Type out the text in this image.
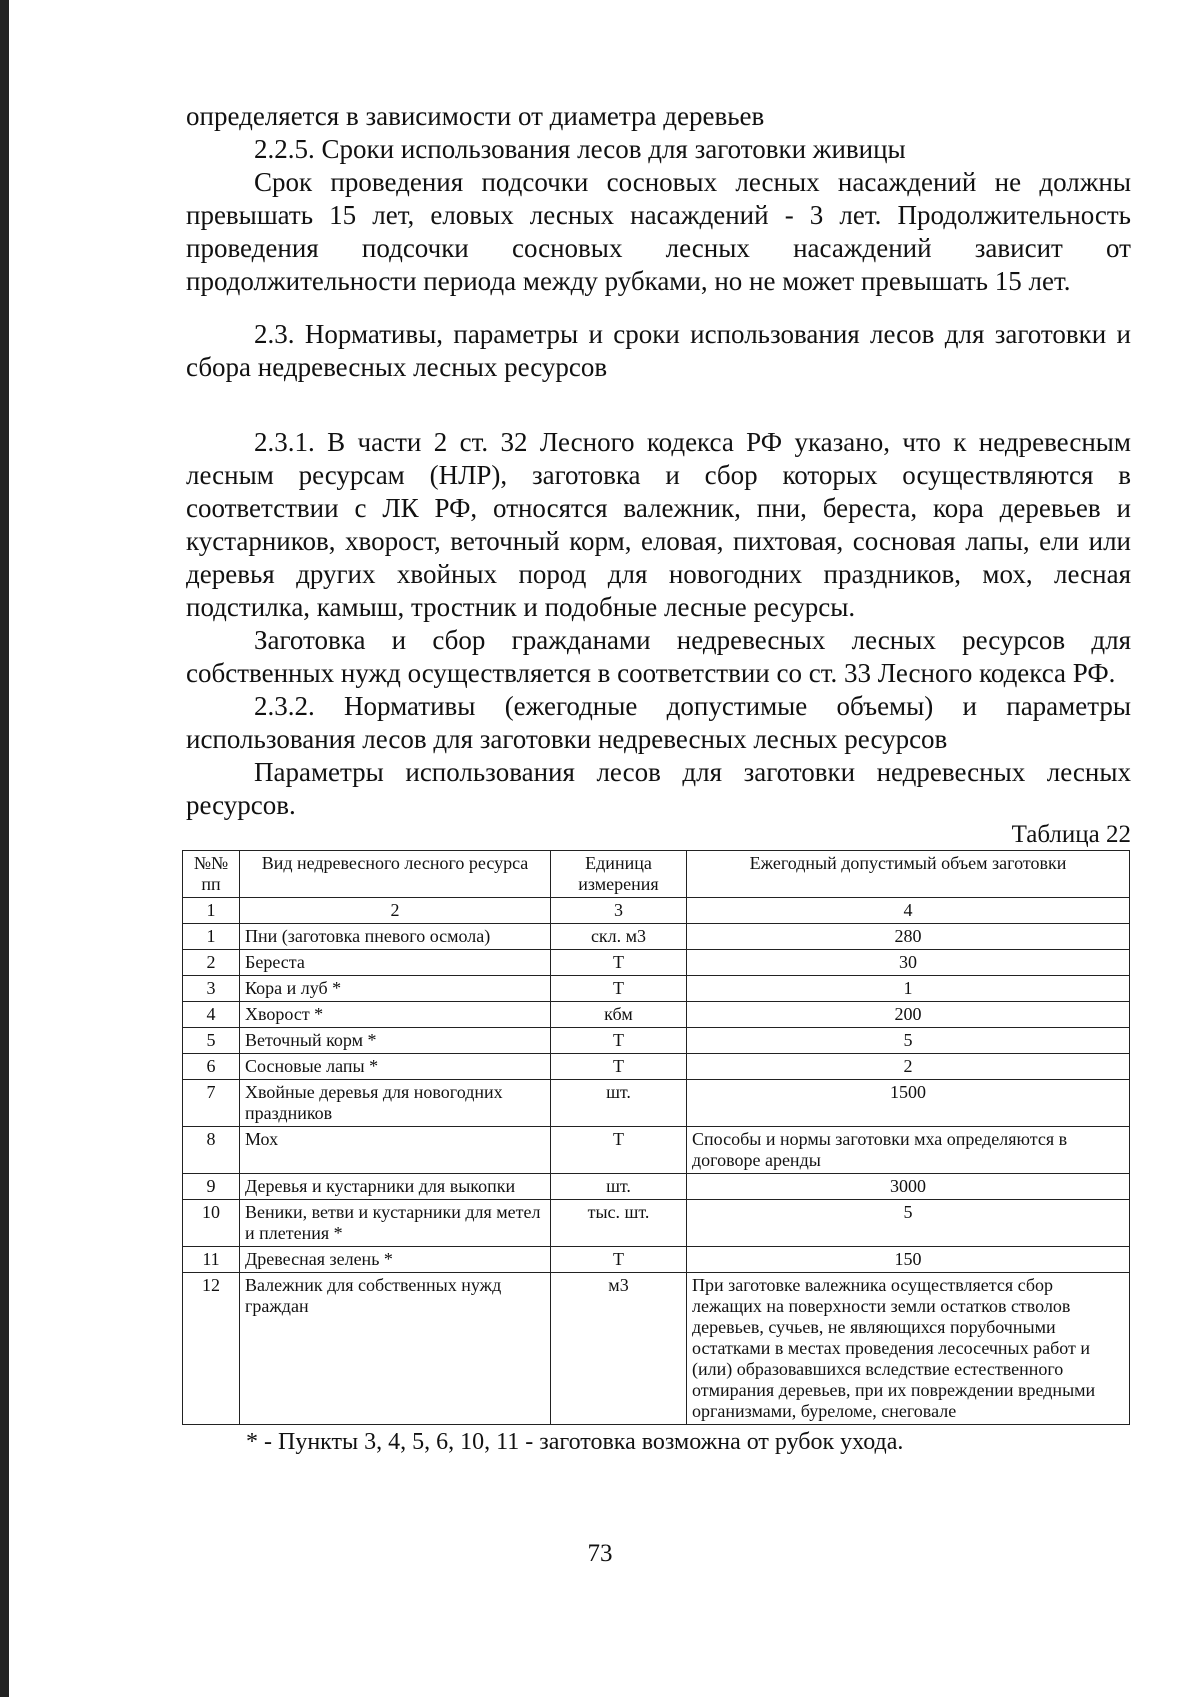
определяется в зависимости от диаметра деревьев

2.2.5. Сроки использования лесов для заготовки живицы

Срок проведения подсочки сосновых лесных насаждений не должны превышать 15 лет, еловых лесных насаждений - 3 лет. Продолжительность проведения подсочки сосновых лесных насаждений зависит от продолжительности периода между рубками, но не может превышать 15 лет.

2.3. Нормативы, параметры и сроки использования лесов для заготовки и сбора недревесных лесных ресурсов

2.3.1. В части 2 ст. 32 Лесного кодекса РФ указано, что к недревесным лесным ресурсам (НЛР), заготовка и сбор которых осуществляются в соответствии с ЛК РФ, относятся валежник, пни, береста, кора деревьев и кустарников, хворост, веточный корм, еловая, пихтовая, сосновая лапы, ели или деревья других хвойных пород для новогодних праздников, мох, лесная подстилка, камыш, тростник и подобные лесные ресурсы.

Заготовка и сбор гражданами недревесных лесных ресурсов для собственных нужд осуществляется в соответствии со ст. 33 Лесного кодекса РФ.

2.3.2. Нормативы (ежегодные допустимые объемы) и параметры использования лесов для заготовки недревесных лесных ресурсов

Параметры использования лесов для заготовки недревесных лесных ресурсов.

Таблица 22
№№ пп	Вид недревесного лесного ресурса	Единица измерения	Ежегодный допустимый объем заготовки
1	2	3	4
1	Пни (заготовка пневого осмола)	скл. м3	280
2	Береста	Т	30
3	Кора и луб *	Т	1
4	Хворост *	кбм	200
5	Веточный корм *	Т	5
6	Сосновые лапы *	Т	2
7	Хвойные деревья для новогодних праздников	шт.	1500
8	Мох	Т	Способы и нормы заготовки мха определяются в договоре аренды
9	Деревья и кустарники для выкопки	шт.	3000
10	Веники, ветви и кустарники для метел и плетения *	тыс. шт.	5
11	Древесная зелень *	Т	150
12	Валежник для собственных нужд граждан	м3	При заготовке валежника осуществляется сбор лежащих на поверхности земли остатков стволов деревьев, сучьев, не являющихся порубочными остатками в местах проведения лесосечных работ и (или) образовавшихся вследствие естественного отмирания деревьев, при их повреждении вредными организмами, буреломе, снеговале
* - Пункты 3, 4, 5, 6, 10, 11 - заготовка возможна от рубок ухода.
73
